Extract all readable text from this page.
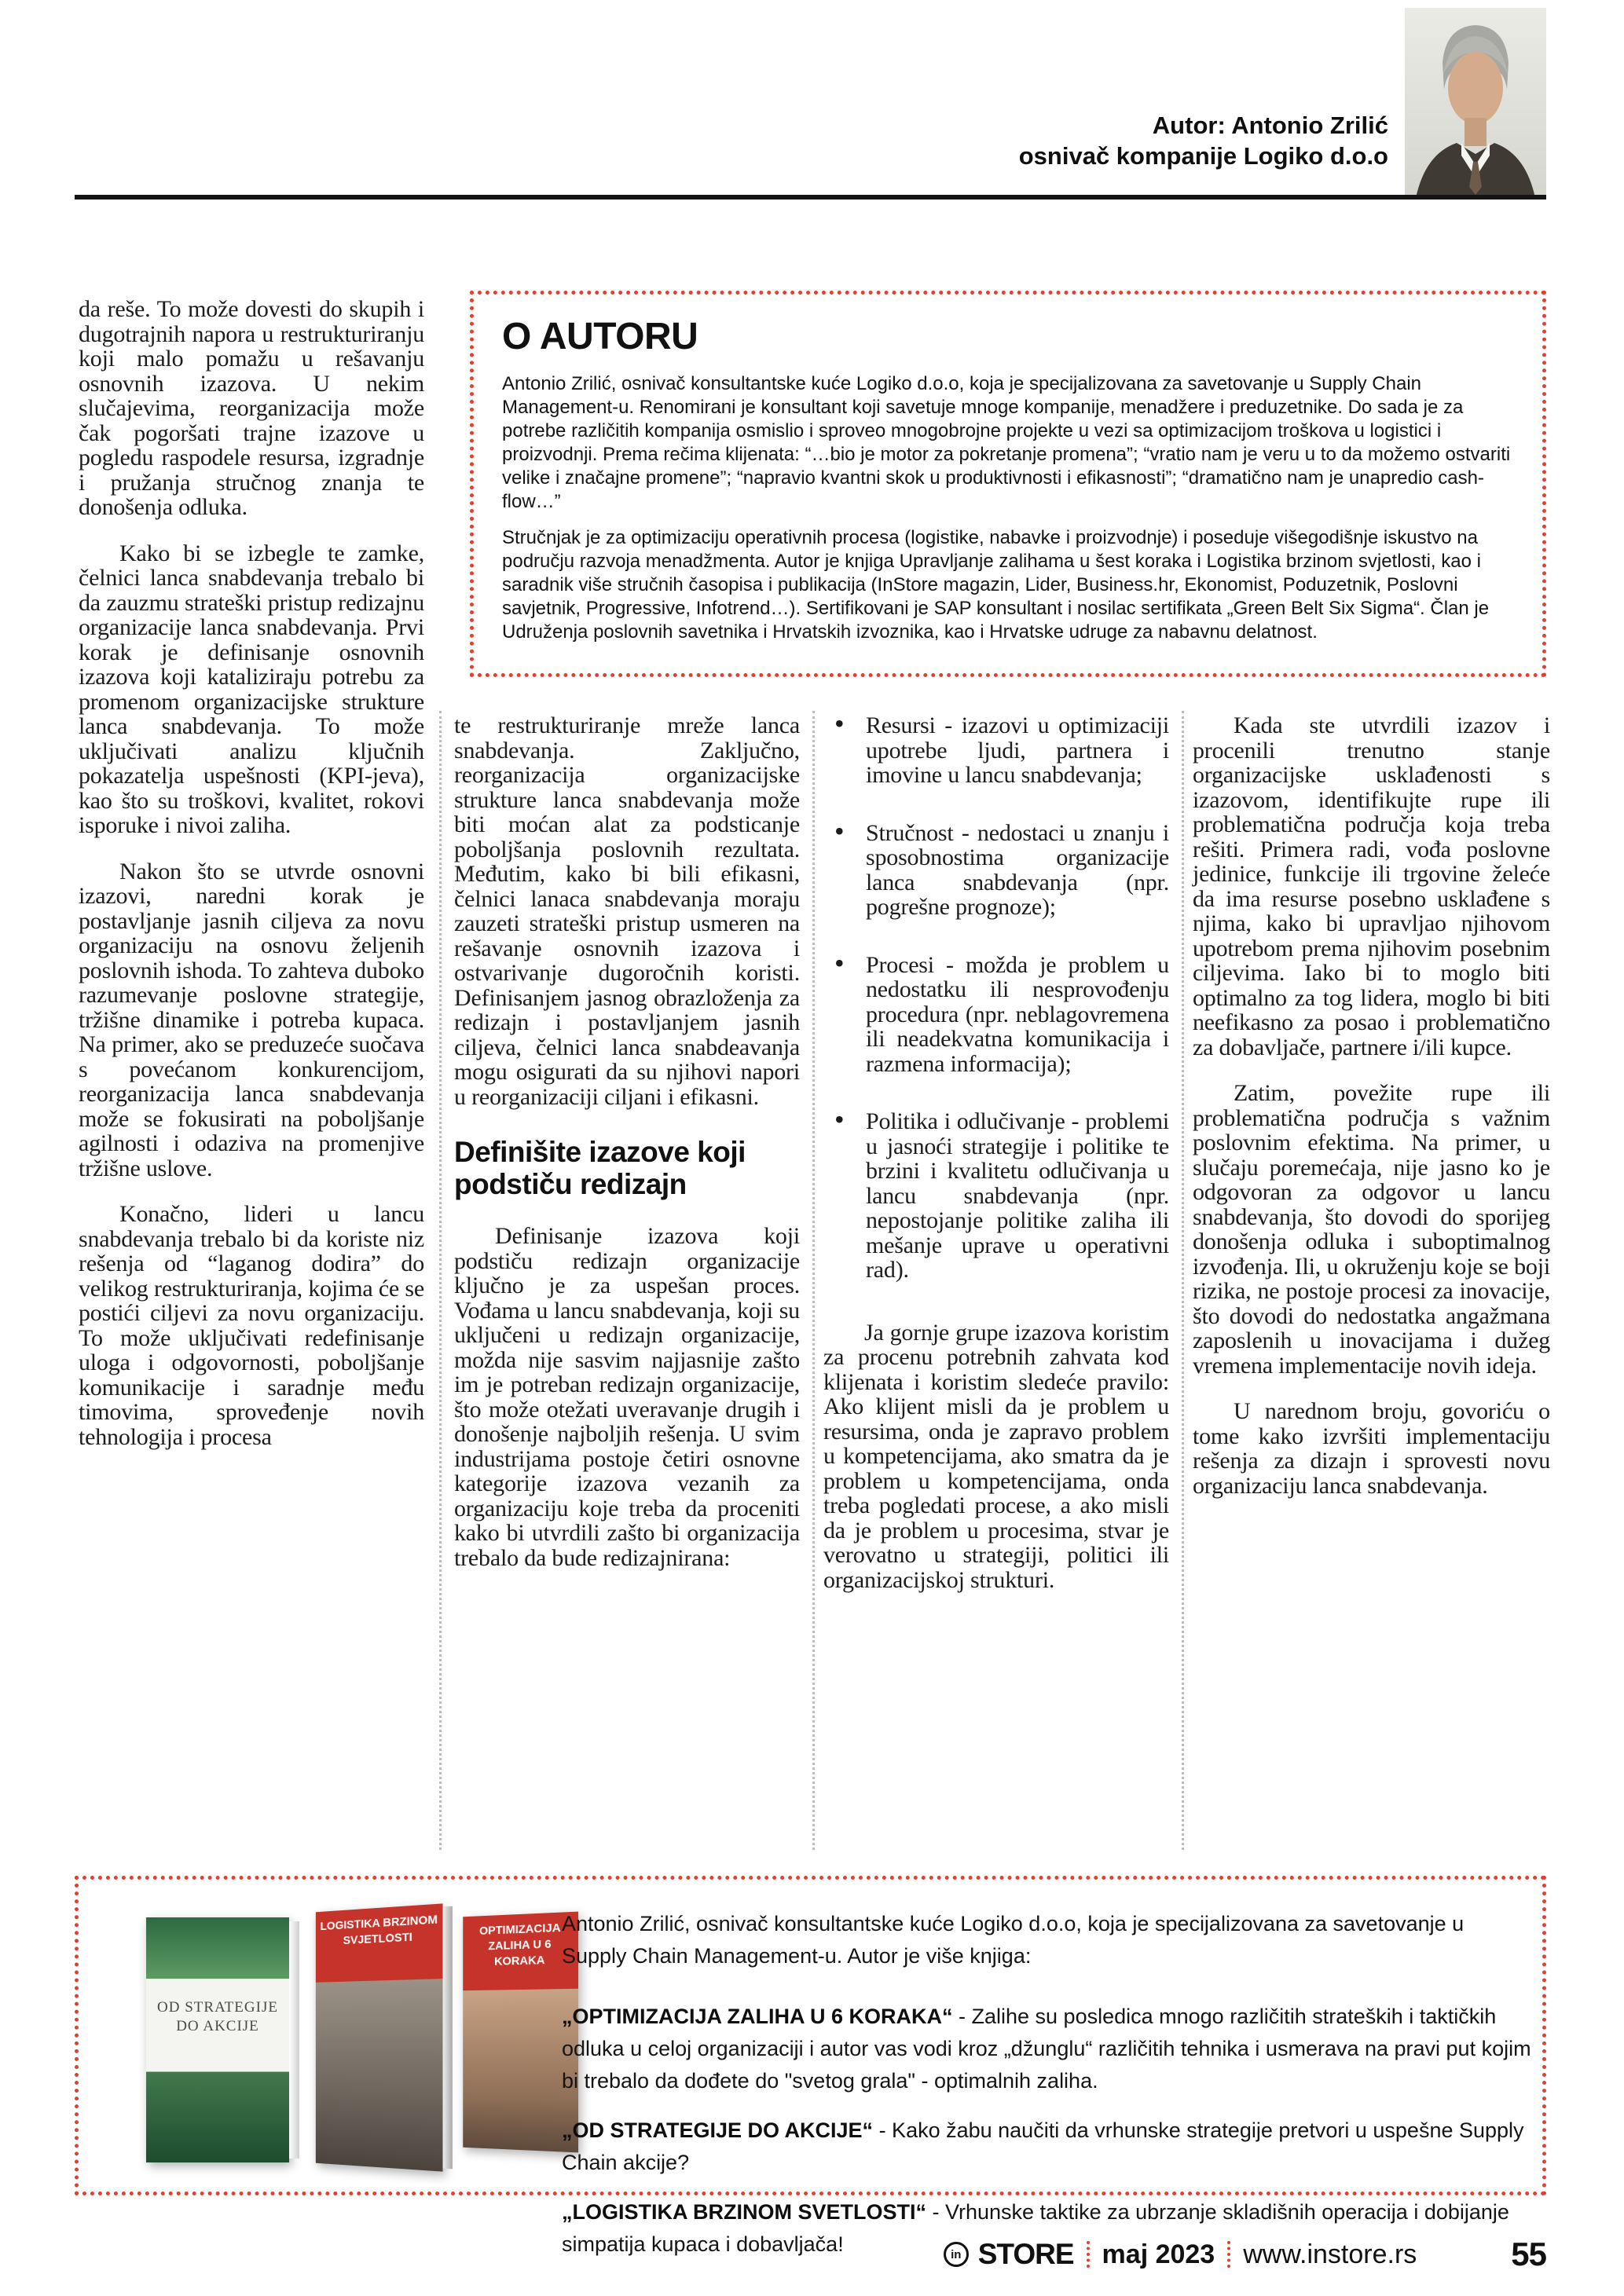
Autor: Antonio Zrilić
osnivač kompanije Logiko d.o.o
O AUTORU

Antonio Zrilić, osnivač konsultantske kuće Logiko d.o.o, koja je specijalizovana za savetovanje u Supply Chain Management-u. Renomirani je konsultant koji savetuje mnoge kompanije, menadžere i preduzetnike. Do sada je za potrebe različitih kompanija osmislio i sproveo mnogobrojne projekte u vezi sa optimizacijom troškova u logistici i proizvodnji. Prema rečima klijenata: “…bio je motor za pokretanje promena”; “vratio nam je veru u to da možemo ostvariti velike i značajne promene”; “napravio kvantni skok u produktivnosti i efikasnosti”; “dramatično nam je unapredio cash-flow…”

Stručnjak je za optimizaciju operativnih procesa (logistike, nabavke i proizvodnje) i poseduje višegodišnje iskustvo na području razvoja menadžmenta. Autor je knjiga Upravljanje zalihama u šest koraka i Logistika brzinom svjetlosti, kao i saradnik više stručnih časopisa i publikacija (InStore magazin, Lider, Business.hr, Ekonomist, Poduzetnik, Poslovni savjetnik, Progressive, Infotrend…). Sertifikovani je SAP konsultant i nosilac sertifikata „Green Belt Six Sigma“. Član je Udruženja poslovnih savetnika i Hrvatskih izvoznika, kao i Hrvatske udruge za nabavnu delatnost.

da reše. To može dovesti do skupih i dugotrajnih napora u restrukturiranju koji malo pomažu u rešavanju osnovnih izazova. U nekim slučajevima, reorganizacija može čak pogoršati trajne izazove u pogledu raspodele resursa, izgradnje i pružanja stručnog znanja te donošenja odluka.

Kako bi se izbegle te zamke, čelnici lanca snabdevanja trebalo bi da zauzmu strateški pristup redizajnu organizacije lanca snabdevanja. Prvi korak je definisanje osnovnih izazova koji kataliziraju potrebu za promenom organizacijske strukture lanca snabdevanja. To može uključivati analizu ključnih pokazatelja uspešnosti (KPI-jeva), kao što su troškovi, kvalitet, rokovi isporuke i nivoi zaliha.

Nakon što se utvrde osnovni izazovi, naredni korak je postavljanje jasnih ciljeva za novu organizaciju na osnovu željenih poslovnih ishoda. To zahteva duboko razumevanje poslovne strategije, tržišne dinamike i potreba kupaca. Na primer, ako se preduzeće suočava s povećanom konkurencijom, reorganizacija lanca snabdevanja može se fokusirati na poboljšanje agilnosti i odaziva na promenjive tržišne uslove.

Konačno, lideri u lancu snabdevanja trebalo bi da koriste niz rešenja od “laganog dodira” do velikog restrukturiranja, kojima će se postići ciljevi za novu organizaciju. To može uključivati redefinisanje uloga i odgovornosti, poboljšanje komunikacije i saradnje među timovima, sproveđenje novih tehnologija i procesa

te restrukturiranje mreže lanca snabdevanja. Zaključno, reorganizacija organizacijske strukture lanca snabdevanja može biti moćan alat za podsticanje poboljšanja poslovnih rezultata. Međutim, kako bi bili efikasni, čelnici lanaca snabdevanja moraju zauzeti strateški pristup usmeren na rešavanje osnovnih izazova i ostvarivanje dugoročnih koristi. Definisanjem jasnog obrazloženja za redizajn i postavljanjem jasnih ciljeva, čelnici lanca snabdeavanja mogu osigurati da su njihovi napori u reorganizaciji ciljani i efikasni.

Definišite izazove koji podstiču redizajn

Definisanje izazova koji podstiču redizajn organizacije ključno je za uspešan proces. Vođama u lancu snabdevanja, koji su uključeni u redizajn organizacije, možda nije sasvim najjasnije zašto im je potreban redizajn organizacije, što može otežati uveravanje drugih i donošenje najboljih rešenja. U svim industrijama postoje četiri osnovne kategorije izazova vezanih za organizaciju koje treba da proceniti kako bi utvrdili zašto bi organizacija trebalo da bude redizajnirana:

• Resursi - izazovi u optimizaciji upotrebe ljudi, partnera i imovine u lancu snabdevanja;

• Stručnost - nedostaci u znanju i sposobnostima organizacije lanca snabdevanja (npr. pogrešne prognoze);

• Procesi - možda je problem u nedostatku ili nesprovođenju procedura (npr. neblagovremena ili neadekvatna komunikacija i razmena informacija);

• Politika i odlučivanje - problemi u jasnoći strategije i politike te brzini i kvalitetu odlučivanja u lancu snabdevanja (npr. nepostojanje politike zaliha ili mešanje uprave u operativni rad).

Ja gornje grupe izazova koristim za procenu potrebnih zahvata kod klijenata i koristim sledeće pravilo: Ako klijent misli da je problem u resursima, onda je zapravo problem u kompetencijama, ako smatra da je problem u kompetencijama, onda treba pogledati procese, a ako misli da je problem u procesima, stvar je verovatno u strategiji, politici ili organizacijskoj strukturi.

Kada ste utvrdili izazov i procenili trenutno stanje organizacijske usklađenosti s izazovom, identifikujte rupe ili problematična područja koja treba rešiti. Primera radi, vođa poslovne jedinice, funkcije ili trgovine želeće da ima resurse posebno usklađene s njima, kako bi upravljao njihovom upotrebom prema njihovim posebnim ciljevima. Iako bi to moglo biti optimalno za tog lidera, moglo bi biti neefikasno za posao i problematično za dobavljače, partnere i/ili kupce.

Zatim, povežite rupe ili problematična područja s važnim poslovnim efektima. Na primer, u slučaju poremećaja, nije jasno ko je odgovoran za odgovor u lancu snabdevanja, što dovodi do sporijeg donošenja odluka i suboptimalnog izvođenja. Ili, u okruženju koje se boji rizika, ne postoje procesi za inovacije, što dovodi do nedostatka angažmana zaposlenih u inovacijama i dužeg vremena implementacije novih ideja.

U narednom broju, govoriću o tome kako izvršiti implementaciju rešenja za dizajn i sprovesti novu organizaciju lanca snabdevanja.

OD STRATEGIJE DO AKCIJE
LOGISTIKA BRZINOM SVJETLOSTI
OPTIMIZACIJA ZALIHA U 6 KORAKA

Antonio Zrilić, osnivač konsultantske kuće Logiko d.o.o, koja je specijalizovana za savetovanje u Supply Chain Management-u. Autor je više knjiga:

„OPTIMIZACIJA ZALIHA U 6 KORAKA“ - Zalihe su posledica mnogo različitih strateških i taktičkih odluka u celoj organizaciji i autor vas vodi kroz „džunglu“ različitih tehnika i usmerava na pravi put kojim bi trebalo da dođete do "svetog grala" - optimalnih zaliha.

„OD STRATEGIJE DO AKCIJE“ - Kako žabu naučiti da vrhunske strategije pretvori u uspešne Supply Chain akcije?

„LOGISTIKA BRZINOM SVETLOSTI“ - Vrhunske taktike za ubrzanje skladišnih operacija i dobijanje simpatija kupaca i dobavljača!	in STORE maj 2023 www.instore.rs	55
